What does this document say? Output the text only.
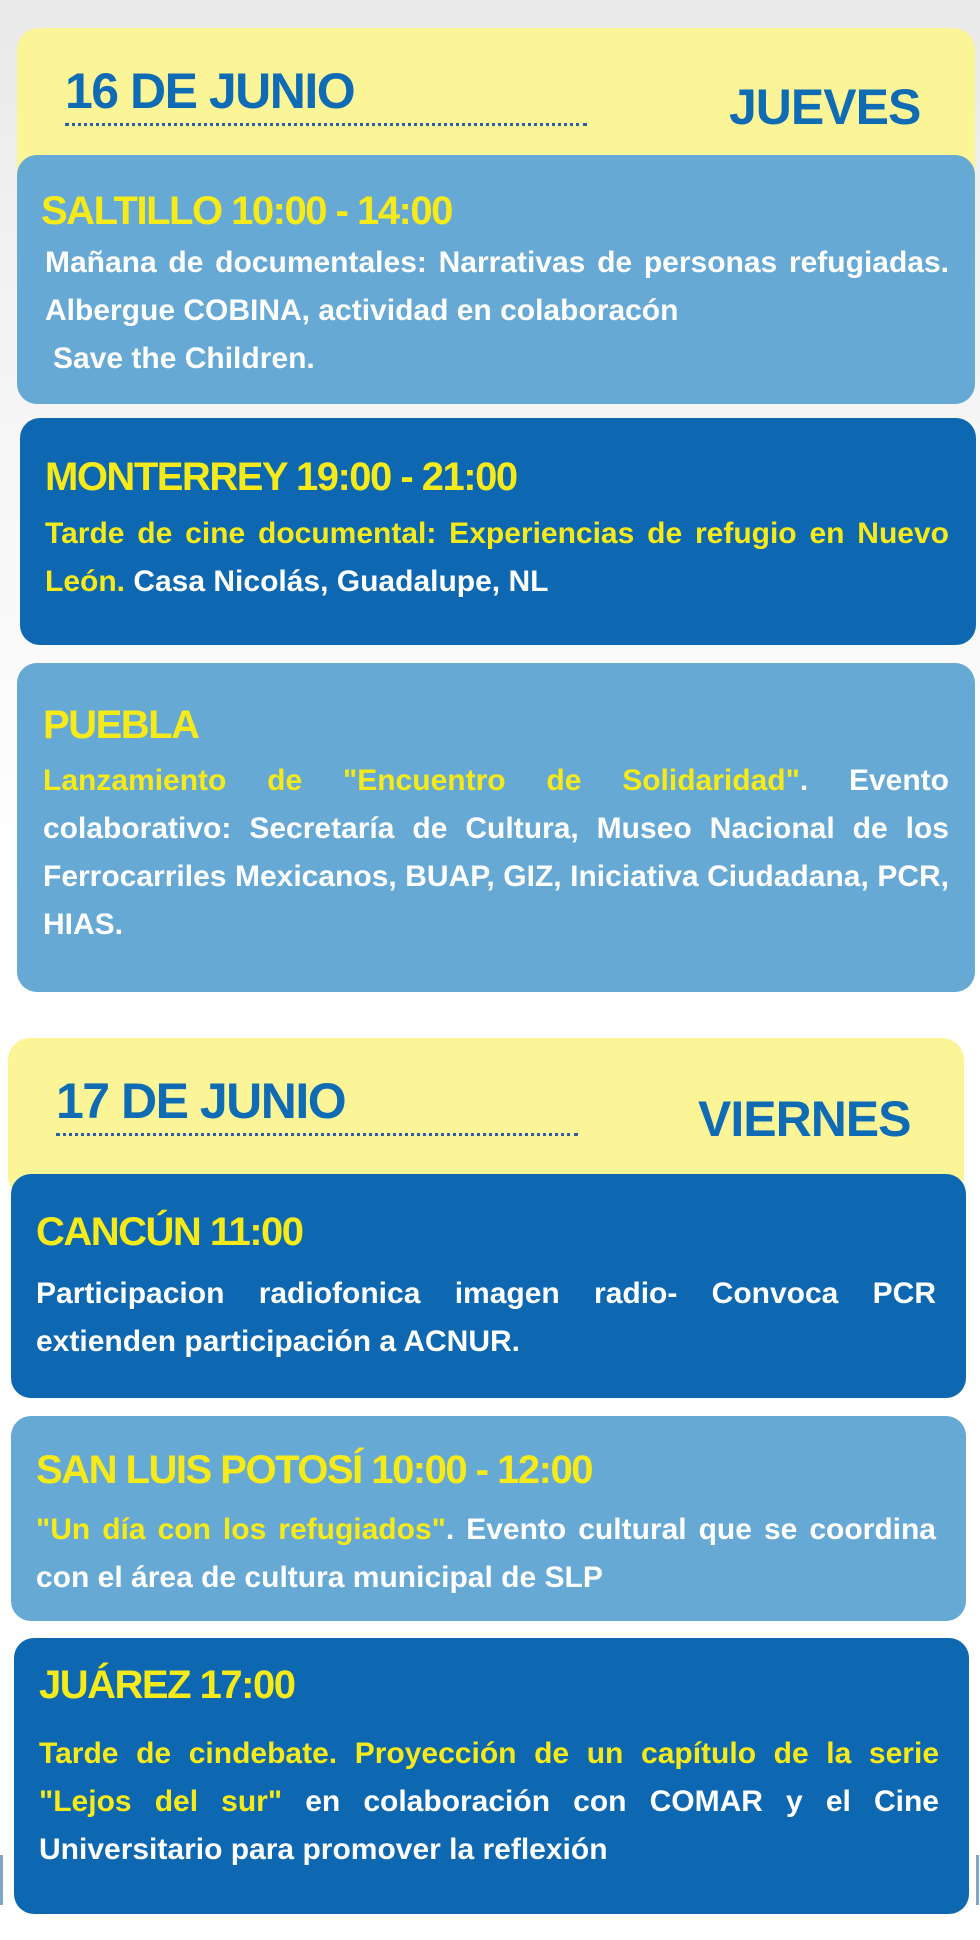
16 DE JUNIO	JUEVES
SALTILLO 10:00 - 14:00

Mañana de documentales: Narrativas de personas refugiadas. Albergue COBINA, actividad en colaboracón
Save the Children.

MONTERREY 19:00 - 21:00

Tarde de cine documental: Experiencias de refugio en Nuevo León. Casa Nicolás, Guadalupe, NL

PUEBLA

Lanzamiento de "Encuentro de Solidaridad". Evento colaborativo: Secretaría de Cultura, Museo Nacional de los Ferrocarriles Mexicanos, BUAP, GIZ, Iniciativa Ciudadana, PCR, HIAS.

17 DE JUNIO	VIERNES
CANCÚN 11:00

Participacion radiofonica imagen radio- Convoca PCR extienden participación a ACNUR.

SAN LUIS POTOSÍ 10:00 - 12:00

"Un día con los refugiados". Evento cultural que se coordina con el área de cultura municipal de SLP

JUÁREZ 17:00

Tarde de cindebate. Proyección de un capítulo de la serie "Lejos del sur" en colaboración con COMAR y el Cine Universitario para promover la reflexión
